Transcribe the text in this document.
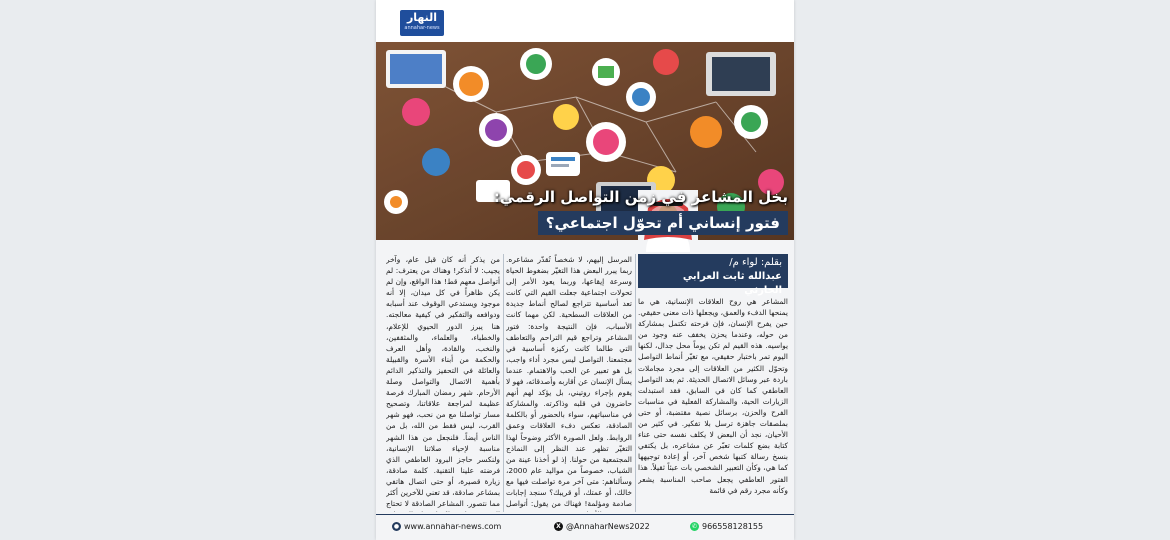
النهار
annahar-news
بخل المشاعر في زمن التواصل الرقمي:
فتور إنساني أم تحوّل اجتماعي؟
بقلم: لواء م/
عبدالله ثابت العرابي الحارثي
المشاعر هي روح العلاقات الإنسانية، هي ما يمنحها الدفء والعمق، ويجعلها ذات معنى حقيقي. حين يفرح الإنسان، فإن فرحته تكتمل بمشاركة من حوله، وعندما يحزن يخفف عنه وجود من يواسيه. هذه القيم لم تكن يوماً محل جدال، لكنها اليوم تمر باختبار حقيقي، مع تغيّر أنماط التواصل وتحوّل الكثير من العلاقات إلى مجرد مجاملات باردة عبر وسائل الاتصال الحديثة. ثم بعد التواصل العاطفي كما كان في السابق، فقد استبدلت الزيارات الحية، والمشاركة الفعلية في مناسبات الفرح والحزن، برسائل نصية مقتضبة، أو حتى بملصقات جاهزة ترسل بلا تفكير. في كثير من الأحيان، نجد أن البعض لا يكلف نفسه حتى عناء كتابة بضع كلمات تعبّر عن مشاعره، بل يكتفي بنسخ رسالة كتبها شخص آخر، أو إعادة توجيهها كما هي، وكأن التعبير الشخصي بات عبئاً ثقيلاً. هذا الفتور العاطفي يجعل صاحب المناسبة يشعر وكأنه مجرد رقم في قائمة
المرسل إليهم، لا شخصاً تُقدّر مشاعره. ربما يبرر البعض هذا التغيّر بضغوط الحياة وسرعة إيقاعها، وربما يعود الأمر إلى تحولات اجتماعية جعلت القيم التي كانت تعد أساسية تتراجع لصالح أنماط جديدة من العلاقات السطحية. لكن مهما كانت الأسباب، فإن النتيجة واحدة: فتور المشاعر وتراجع قيم التراحم والتعاطف التي طالما كانت ركيزة أساسية في مجتمعنا. التواصل ليس مجرد أداء واجب، بل هو تعبير عن الحب والاهتمام. عندما يسأل الإنسان عن أقاربه وأصدقائه، فهو لا يقوم بإجراء روتيني، بل يؤكد لهم أنهم حاضرون في قلبه وذاكرته. والمشاركة في مناسباتهم، سواء بالحضور أو بالكلمة الصادقة، تعكس دفء العلاقات وعمق الروابط. ولعل الصورة الأكثر وضوحاً لهذا التغيّر تظهر عند النظر إلى النماذج المجتمعية من حولنا. إذ لو أخذنا عينة من الشباب، خصوصاً من مواليد عام 2000، وسألناهم: متى آخر مرة تواصلت فيها مع خالك، أو عمتك، أو قريبك؟ سنجد إجابات صادمة ومؤلمة! فهناك من يقول: أتواصل
من يذكر أنه كان قبل عام، وآخر يجيب: لا أتذكر! وهناك من يعترف: لم أتواصل معهم قط! هذا الواقع، وإن لم يكن ظاهراً في كل ميدان، إلا أنه موجود ويستدعي الوقوف عند أسبابه ودوافعه والتفكير في كيفية معالجته. هنا يبرز الدور الحيوي للإعلام، والخطباء، والعلماء، والمثقفين، والنخب، والقادة، وأهل العرف والحكمة من أبناء الأسرة والقبيلة والعائلة في التحفيز والتذكير الدائم بأهمية الاتصال والتواصل وصلة الأرحام. شهر رمضان المبارك فرصة عظيمة لمراجعة علاقاتنا، وتصحيح مسار تواصلنا مع من نحب، فهو شهر القرب، ليس فقط من الله، بل من الناس أيضاً. فلنجعل من هذا الشهر مناسبة لإحياء صلاتنا الإنسانية، ولنكسر حاجز البرود العاطفي الذي فرضته علينا التقنية. كلمة صادقة، زيارة قصيرة، أو حتى اتصال هاتفي بمشاعر صادقة، قد تعني للآخرين أكثر مما نتصور. المشاعر الصادقة لا تحتاج
● www.annahar-news.com	X @AnnaharNews2022	✆ 966558128155
